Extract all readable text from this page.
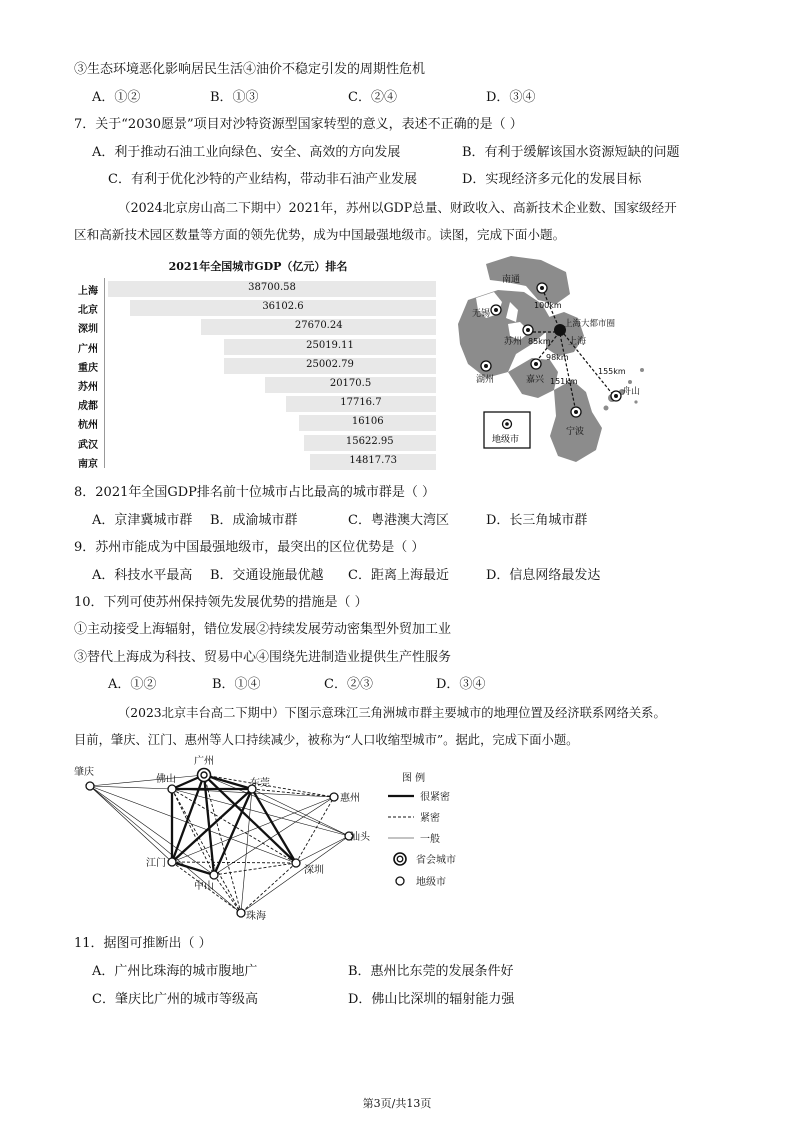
③生态环境恶化影响居民生活④油价不稳定引发的周期性危机
A．①②	B．①③	C．②④	D．③④
7．关于“2030愿景”项目对沙特资源型国家转型的意义，表述不正确的是（ ）
A．利于推动石油工业向绿色、安全、高效的方向发展	B．有利于缓解该国水资源短缺的问题
C．有利于优化沙特的产业结构，带动非石油产业发展	D．实现经济多元化的发展目标
（2024北京房山高二下期中）2021年，苏州以GDP总量、财政收入、高新技术企业数、国家级经开
区和高新技术园区数量等方面的领先优势，成为中国最强地级市。读图，完成下面小题。
2021年全国城市GDP（亿元）排名
上海	38700.58
北京	36102.6
深圳	27670.24
广州	25019.11
重庆	25002.79
苏州	20170.5
成都	17716.7
杭州	16106
武汉	15622.95
南京	14817.73
南通
无锡
苏州
上海大都市圈
上海
湖州	嘉兴
舟山
宁波
100km
85km
98km
151km
155km
地级市
8．2021年全国GDP排名前十位城市占比最高的城市群是（ ）
A．京津冀城市群	B．成渝城市群	C．粤港澳大湾区	D．长三角城市群
9．苏州市能成为中国最强地级市，最突出的区位优势是（ ）
A．科技水平最高	B．交通设施最优越	C．距离上海最近	D．信息网络最发达
10．下列可使苏州保持领先发展优势的措施是（ ）
①主动接受上海辐射，错位发展②持续发展劳动密集型外贸加工业
③替代上海成为科技、贸易中心④围绕先进制造业提供生产性服务
A．①②	B．①④	C．②③	D．③④
（2023北京丰台高二下期中）下图示意珠江三角洲城市群主要城市的地理位置及经济联系网络关系。
目前，肇庆、江门、惠州等人口持续减少，被称为“人口收缩型城市”。据此，完成下面小题。
肇庆
佛山
广州
东莞
惠州
汕头
江门
中山
深圳
珠海
图 例
很紧密
紧密
一般
省会城市
地级市
11．据图可推断出（ ）
A．广州比珠海的城市腹地广	B．惠州比东莞的发展条件好
C．肇庆比广州的城市等级高	D．佛山比深圳的辐射能力强
第3页/共13页
